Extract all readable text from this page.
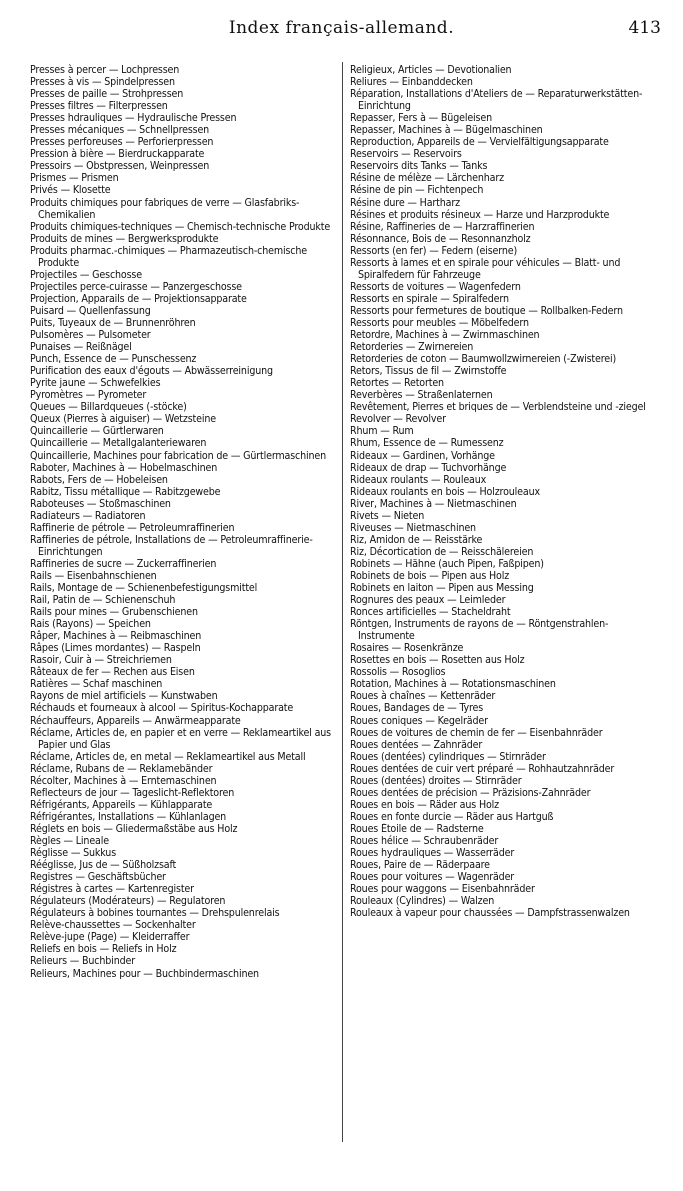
Index français-allemand.	413

Presses à percer — Lochpressen

Presses à vis — Spindelpressen

Presses de paille — Strohpressen

Presses filtres — Filterpressen

Presses hdrauliques — Hydraulische Pressen

Presses mécaniques — Schnellpressen

Presses perforeuses — Perforierpressen

Pression à bière — Bierdruckapparate

Pressoirs — Obstpressen, Weinpressen

Prismes — Prismen

Privés — Klosette

Produits chimiques pour fabriques de verre — Glasfabriks-Chemikalien

Produits chimiques-techniques — Chemisch-technische Produkte

Produits de mines — Bergwerksprodukte

Produits pharmac.-chimiques — Pharmazeutisch-chemische Produkte

Projectiles — Geschosse

Projectiles perce-cuirasse — Panzergeschosse

Projection, Apparails de — Projektionsapparate

Puisard — Quellenfassung

Puits, Tuyeaux de — Brunnenröhren

Pulsomères — Pulsometer

Punaises — Reißnägel

Punch, Essence de — Punschessenz

Purification des eaux d'égouts — Abwässerreinigung

Pyrite jaune — Schwefelkies

Pyromètres — Pyrometer

Queues — Billardqueues (-stöcke)

Queux (Pierres à aiguiser) — Wetzsteine

Quincaillerie — Gürtlerwaren

Quincaillerie — Metallgalanteriewaren

Quincaillerie, Machines pour fabrication de — Gürtlermaschinen

Raboter, Machines à — Hobelmaschinen

Rabots, Fers de — Hobeleisen

Rabitz, Tissu métallique — Rabitzgewebe

Raboteuses — Stoßmaschinen

Radiateurs — Radiatoren

Raffinerie de pétrole — Petroleumraffinerien

Raffineries de pétrole, Installations de — Petroleumraffinerie-Einrichtungen

Raffineries de sucre — Zuckerraffinerien

Rails — Eisenbahnschienen

Rails, Montage de — Schienenbefestigungsmittel

Rail, Patin de — Schienenschuh

Rails pour mines — Grubenschienen

Rais (Rayons) — Speichen

Râper, Machines à — Reibmaschinen

Râpes (Limes mordantes) — Raspeln

Rasoir, Cuir à — Streichriemen

Râteaux de fer — Rechen aus Eisen

Ratières — Schaf maschinen

Rayons de miel artificiels — Kunstwaben

Réchauds et fourneaux à alcool — Spiritus-Kochapparate

Réchauffeurs, Appareils — Anwärmeapparate

Réclame, Articles de, en papier et en verre — Reklameartikel aus Papier und Glas

Réclame, Articles de, en metal — Reklameartikel aus Metall

Réclame, Rubans de — Reklamebänder

Récolter, Machines à — Erntemaschinen

Reflecteurs de jour — Tageslicht-Reflektoren

Réfrigérants, Appareils — Kühlapparate

Réfrigérantes, Installations — Kühlanlagen

Réglets en bois — Gliedermaßstäbe aus Holz

Règles — Lineale

Réglisse — Sukkus

Rééglisse, Jus de — Süßholzsaft

Registres — Geschäftsbücher

Régistres à cartes — Kartenregister

Régulateurs (Modérateurs) — Regulatoren

Régulateurs à bobines tournantes — Drehspulenrelais

Relève-chaussettes — Sockenhalter

Relève-jupe (Page) — Kleiderraffer

Reliefs en bois — Reliefs in Holz

Relieurs — Buchbinder

Relieurs, Machines pour — Buchbindermaschinen

Religieux, Articles — Devotionalien

Reliures — Einbanddecken

Réparation, Installations d'Ateliers de — Reparaturwerkstätten-Einrichtung

Repasser, Fers à — Bügeleisen

Repasser, Machines à — Bügelmaschinen

Reproduction, Appareils de — Vervielfältigungsapparate

Reservoirs — Reservoirs

Reservoirs dits Tanks — Tanks

Résine de mélèze — Lärchenharz

Résine de pin — Fichtenpech

Résine dure — Hartharz

Résines et produits résineux — Harze und Harzprodukte

Résine, Raffineries de — Harzraffinerien

Résonnance, Bois de — Resonnanzholz

Ressorts (en fer) — Federn (eiserne)

Ressorts à lames et en spirale pour véhicules — Blatt- und Spiralfedern für Fahrzeuge

Ressorts de voitures — Wagenfedern

Ressorts en spirale — Spiralfedern

Ressorts pour fermetures de boutique — Rollbalken-Federn

Ressorts pour meubles — Möbelfedern

Retordre, Machines à — Zwirnmaschinen

Retorderies — Zwirnereien

Retorderies de coton — Baumwollzwirnereien (-Zwisterei)

Retors, Tissus de fil — Zwirnstoffe

Retortes — Retorten

Reverbères — Straßenlaternen

Revêtement, Pierres et briques de — Verblendsteine und -ziegel

Revolver — Revolver

Rhum — Rum

Rhum, Essence de — Rumessenz

Rideaux — Gardinen, Vorhänge

Rideaux de drap — Tuchvorhänge

Rideaux roulants — Rouleaux

Rideaux roulants en bois — Holzrouleaux

River, Machines à — Nietmaschinen

Rivets — Nieten

Riveuses — Nietmaschinen

Riz, Amidon de — Reisstärke

Riz, Décortication de — Reisschälereien

Robinets — Hähne (auch Pipen, Faßpipen)

Robinets de bois — Pipen aus Holz

Robinets en laiton — Pipen aus Messing

Rognures des peaux — Leimleder

Ronces artificielles — Stacheldraht

Röntgen, Instruments de rayons de — Röntgenstrahlen-Instrumente

Rosaires — Rosenkränze

Rosettes en bois — Rosetten aus Holz

Rossolis — Rosoglios

Rotation, Machines à — Rotationsmaschinen

Roues à chaînes — Kettenräder

Roues, Bandages de — Tyres

Roues coniques — Kegelräder

Roues de voitures de chemin de fer — Eisenbahnräder

Roues dentées — Zahnräder

Roues (dentées) cylindriques — Stirnräder

Roues dentées de cuir vert préparé — Rohhautzahnräder

Roues (dentées) droites — Stirnräder

Roues dentées de précision — Präzisions-Zahnräder

Roues en bois — Räder aus Holz

Roues en fonte durcie — Räder aus Hartguß

Roues Étoile de — Radsterne

Roues hélice — Schraubenräder

Roues hydrauliques — Wasserräder

Roues, Paire de — Räderpaare

Roues pour voitures — Wagenräder

Roues pour waggons — Eisenbahnräder

Rouleaux (Cylindres) — Walzen

Rouleaux à vapeur pour chaussées — Dampfstrassenwalzen
